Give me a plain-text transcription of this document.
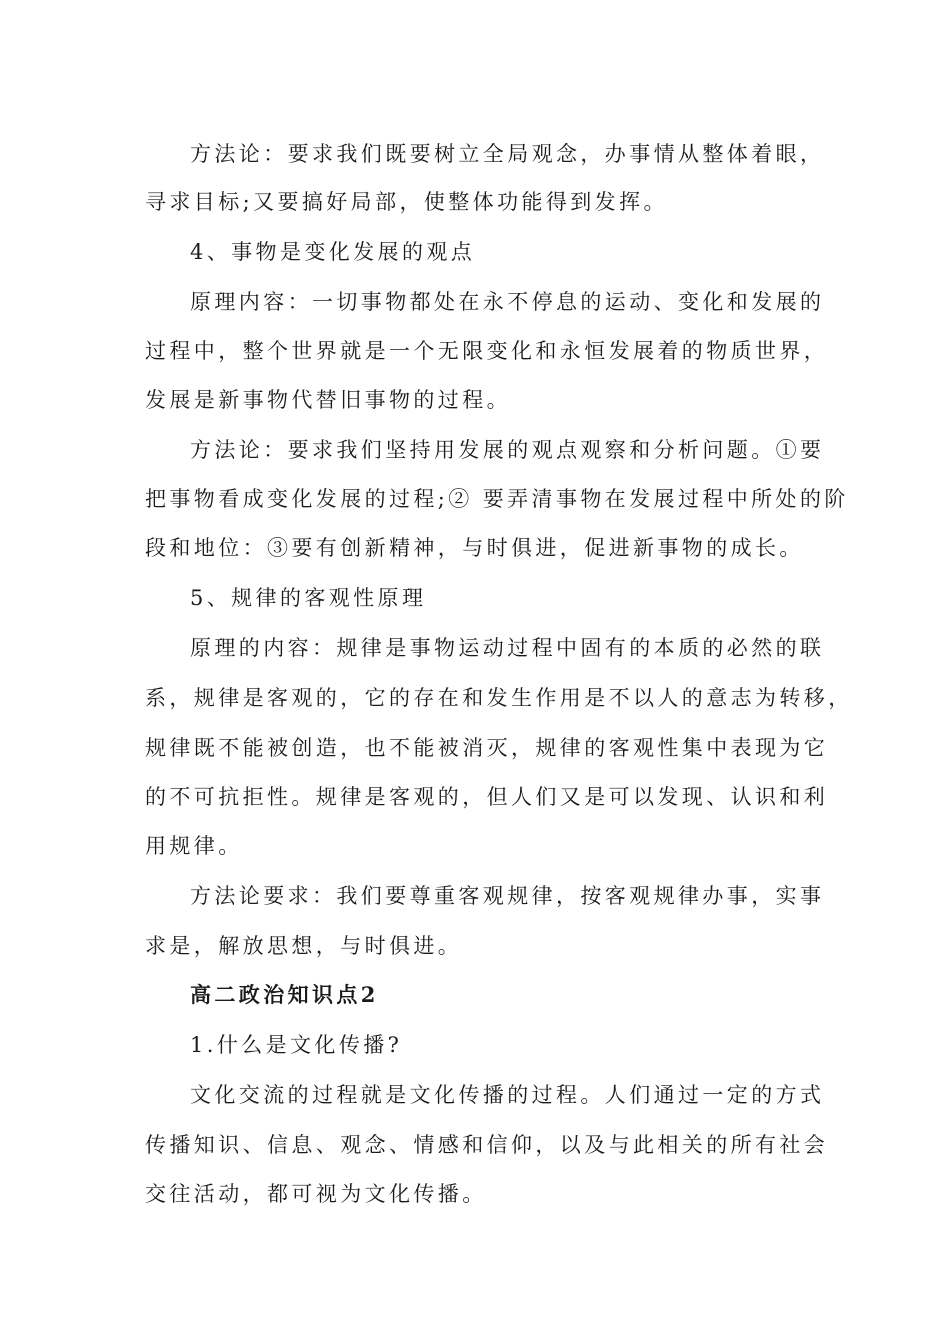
方法论：要求我们既要树立全局观念，办事情从整体着眼，
寻求目标;又要搞好局部，使整体功能得到发挥。
4、事物是变化发展的观点
原理内容：一切事物都处在永不停息的运动、变化和发展的
过程中，整个世界就是一个无限变化和永恒发展着的物质世界，
发展是新事物代替旧事物的过程。
方法论：要求我们坚持用发展的观点观察和分析问题。①要
把事物看成变化发展的过程;② 要弄清事物在发展过程中所处的阶
段和地位：③要有创新精神，与时俱进，促进新事物的成长。
5、规律的客观性原理
原理的内容：规律是事物运动过程中固有的本质的必然的联
系，规律是客观的，它的存在和发生作用是不以人的意志为转移，
规律既不能被创造，也不能被消灭，规律的客观性集中表现为它
的不可抗拒性。规律是客观的，但人们又是可以发现、认识和利
用规律。
方法论要求：我们要尊重客观规律，按客观规律办事，实事
求是，解放思想，与时俱进。
高二政治知识点2
1.什么是文化传播?
文化交流的过程就是文化传播的过程。人们通过一定的方式
传播知识、信息、观念、情感和信仰，以及与此相关的所有社会
交往活动，都可视为文化传播。
